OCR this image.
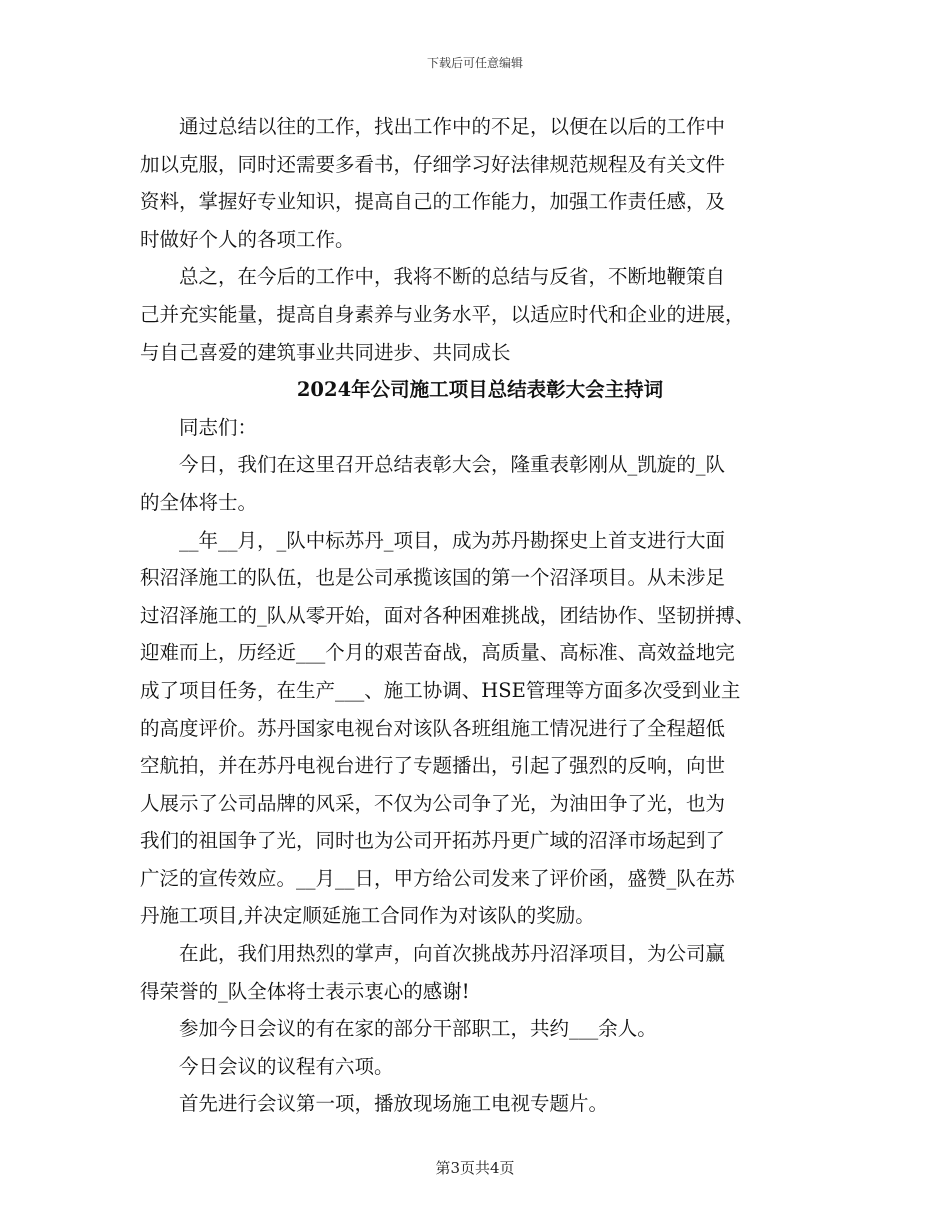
下载后可任意编辑

通过总结以往的工作，找出工作中的不足，以便在以后的工作中
加以克服，同时还需要多看书，仔细学习好法律规范规程及有关文件
资料，掌握好专业知识，提高自己的工作能力，加强工作责任感，及
时做好个人的各项工作。

总之，在今后的工作中，我将不断的总结与反省，不断地鞭策自
己并充实能量，提高自身素养与业务水平，以适应时代和企业的进展，
与自己喜爱的建筑事业共同进步、共同成长

2024年公司施工项目总结表彰大会主持词

同志们：

今日，我们在这里召开总结表彰大会，隆重表彰刚从_凯旋的_队
的全体将士。

__年__月，_队中标苏丹_项目，成为苏丹勘探史上首支进行大面
积沼泽施工的队伍，也是公司承揽该国的第一个沼泽项目。从未涉足
过沼泽施工的_队从零开始，面对各种困难挑战，团结协作、坚韧拼搏、
迎难而上，历经近___个月的艰苦奋战，高质量、高标准、高效益地完
成了项目任务，在生产___、施工协调、HSE管理等方面多次受到业主
的高度评价。苏丹国家电视台对该队各班组施工情况进行了全程超低
空航拍，并在苏丹电视台进行了专题播出，引起了强烈的反响，向世
人展示了公司品牌的风采，不仅为公司争了光，为油田争了光，也为
我们的祖国争了光，同时也为公司开拓苏丹更广域的沼泽市场起到了
广泛的宣传效应。__月__日，甲方给公司发来了评价函，盛赞_队在苏
丹施工项目,并决定顺延施工合同作为对该队的奖励。

在此，我们用热烈的掌声，向首次挑战苏丹沼泽项目，为公司赢
得荣誉的_队全体将士表示衷心的感谢!

参加今日会议的有在家的部分干部职工，共约___余人。

今日会议的议程有六项。

首先进行会议第一项，播放现场施工电视专题片。

第3页共4页
